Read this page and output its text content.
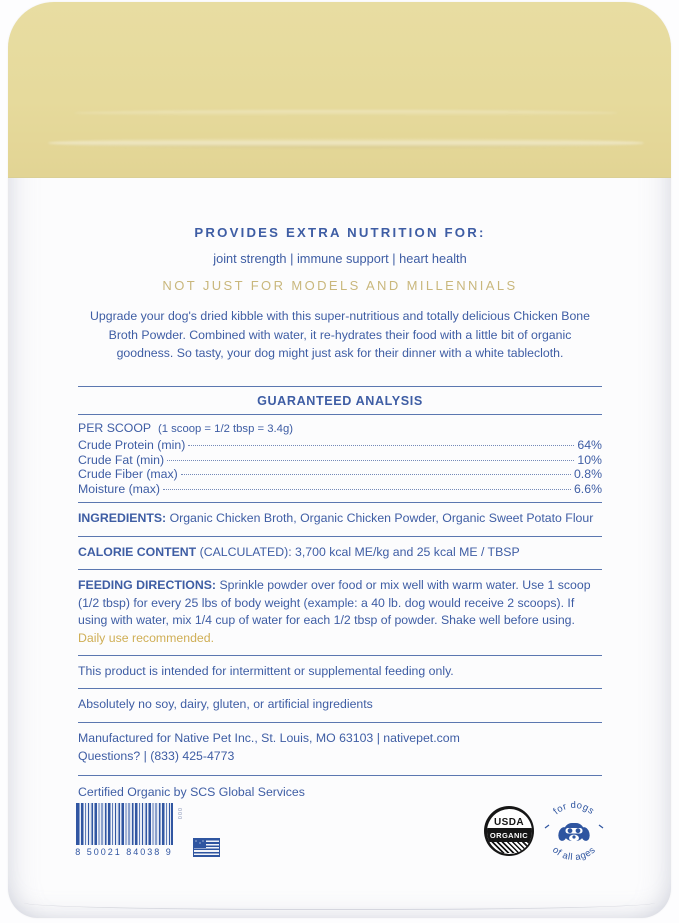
PROVIDES EXTRA NUTRITION FOR:
joint strength | immune support | heart health
NOT JUST FOR MODELS AND MILLENNIALS
Upgrade your dog's dried kibble with this super-nutritious and totally delicious Chicken Bone Broth Powder. Combined with water, it re-hydrates their food with a little bit of organic goodness. So tasty, your dog might just ask for their dinner with a white tablecloth.
GUARANTEED ANALYSIS
PER SCOOP (1 scoop = 1/2 tbsp = 3.4g)
Crude Protein (min)	64%
Crude Fat (min)	10%
Crude Fiber (max)	0.8%
Moisture (max)	6.6%
INGREDIENTS: Organic Chicken Broth, Organic Chicken Powder, Organic Sweet Potato Flour
CALORIE CONTENT (CALCULATED): 3,700 kcal ME/kg and 25 kcal ME / TBSP
FEEDING DIRECTIONS: Sprinkle powder over food or mix well with warm water. Use 1 scoop (1/2 tbsp) for every 25 lbs of body weight (example: a 40 lb. dog would receive 2 scoops). If using with water, mix 1/4 cup of water for each 1/2 tbsp of powder. Shake well before using. Daily use recommended.
This product is intended for intermittent or supplemental feeding only.
Absolutely no soy, dairy, gluten, or artificial ingredients
Manufactured for Native Pet Inc., St. Louis, MO 63103 | nativepet.com
Questions? | (833) 425-4773
Certified Organic by SCS Global Services
8 50021 84038 9
000
USDA
ORGANIC
for dogs
of all ages
